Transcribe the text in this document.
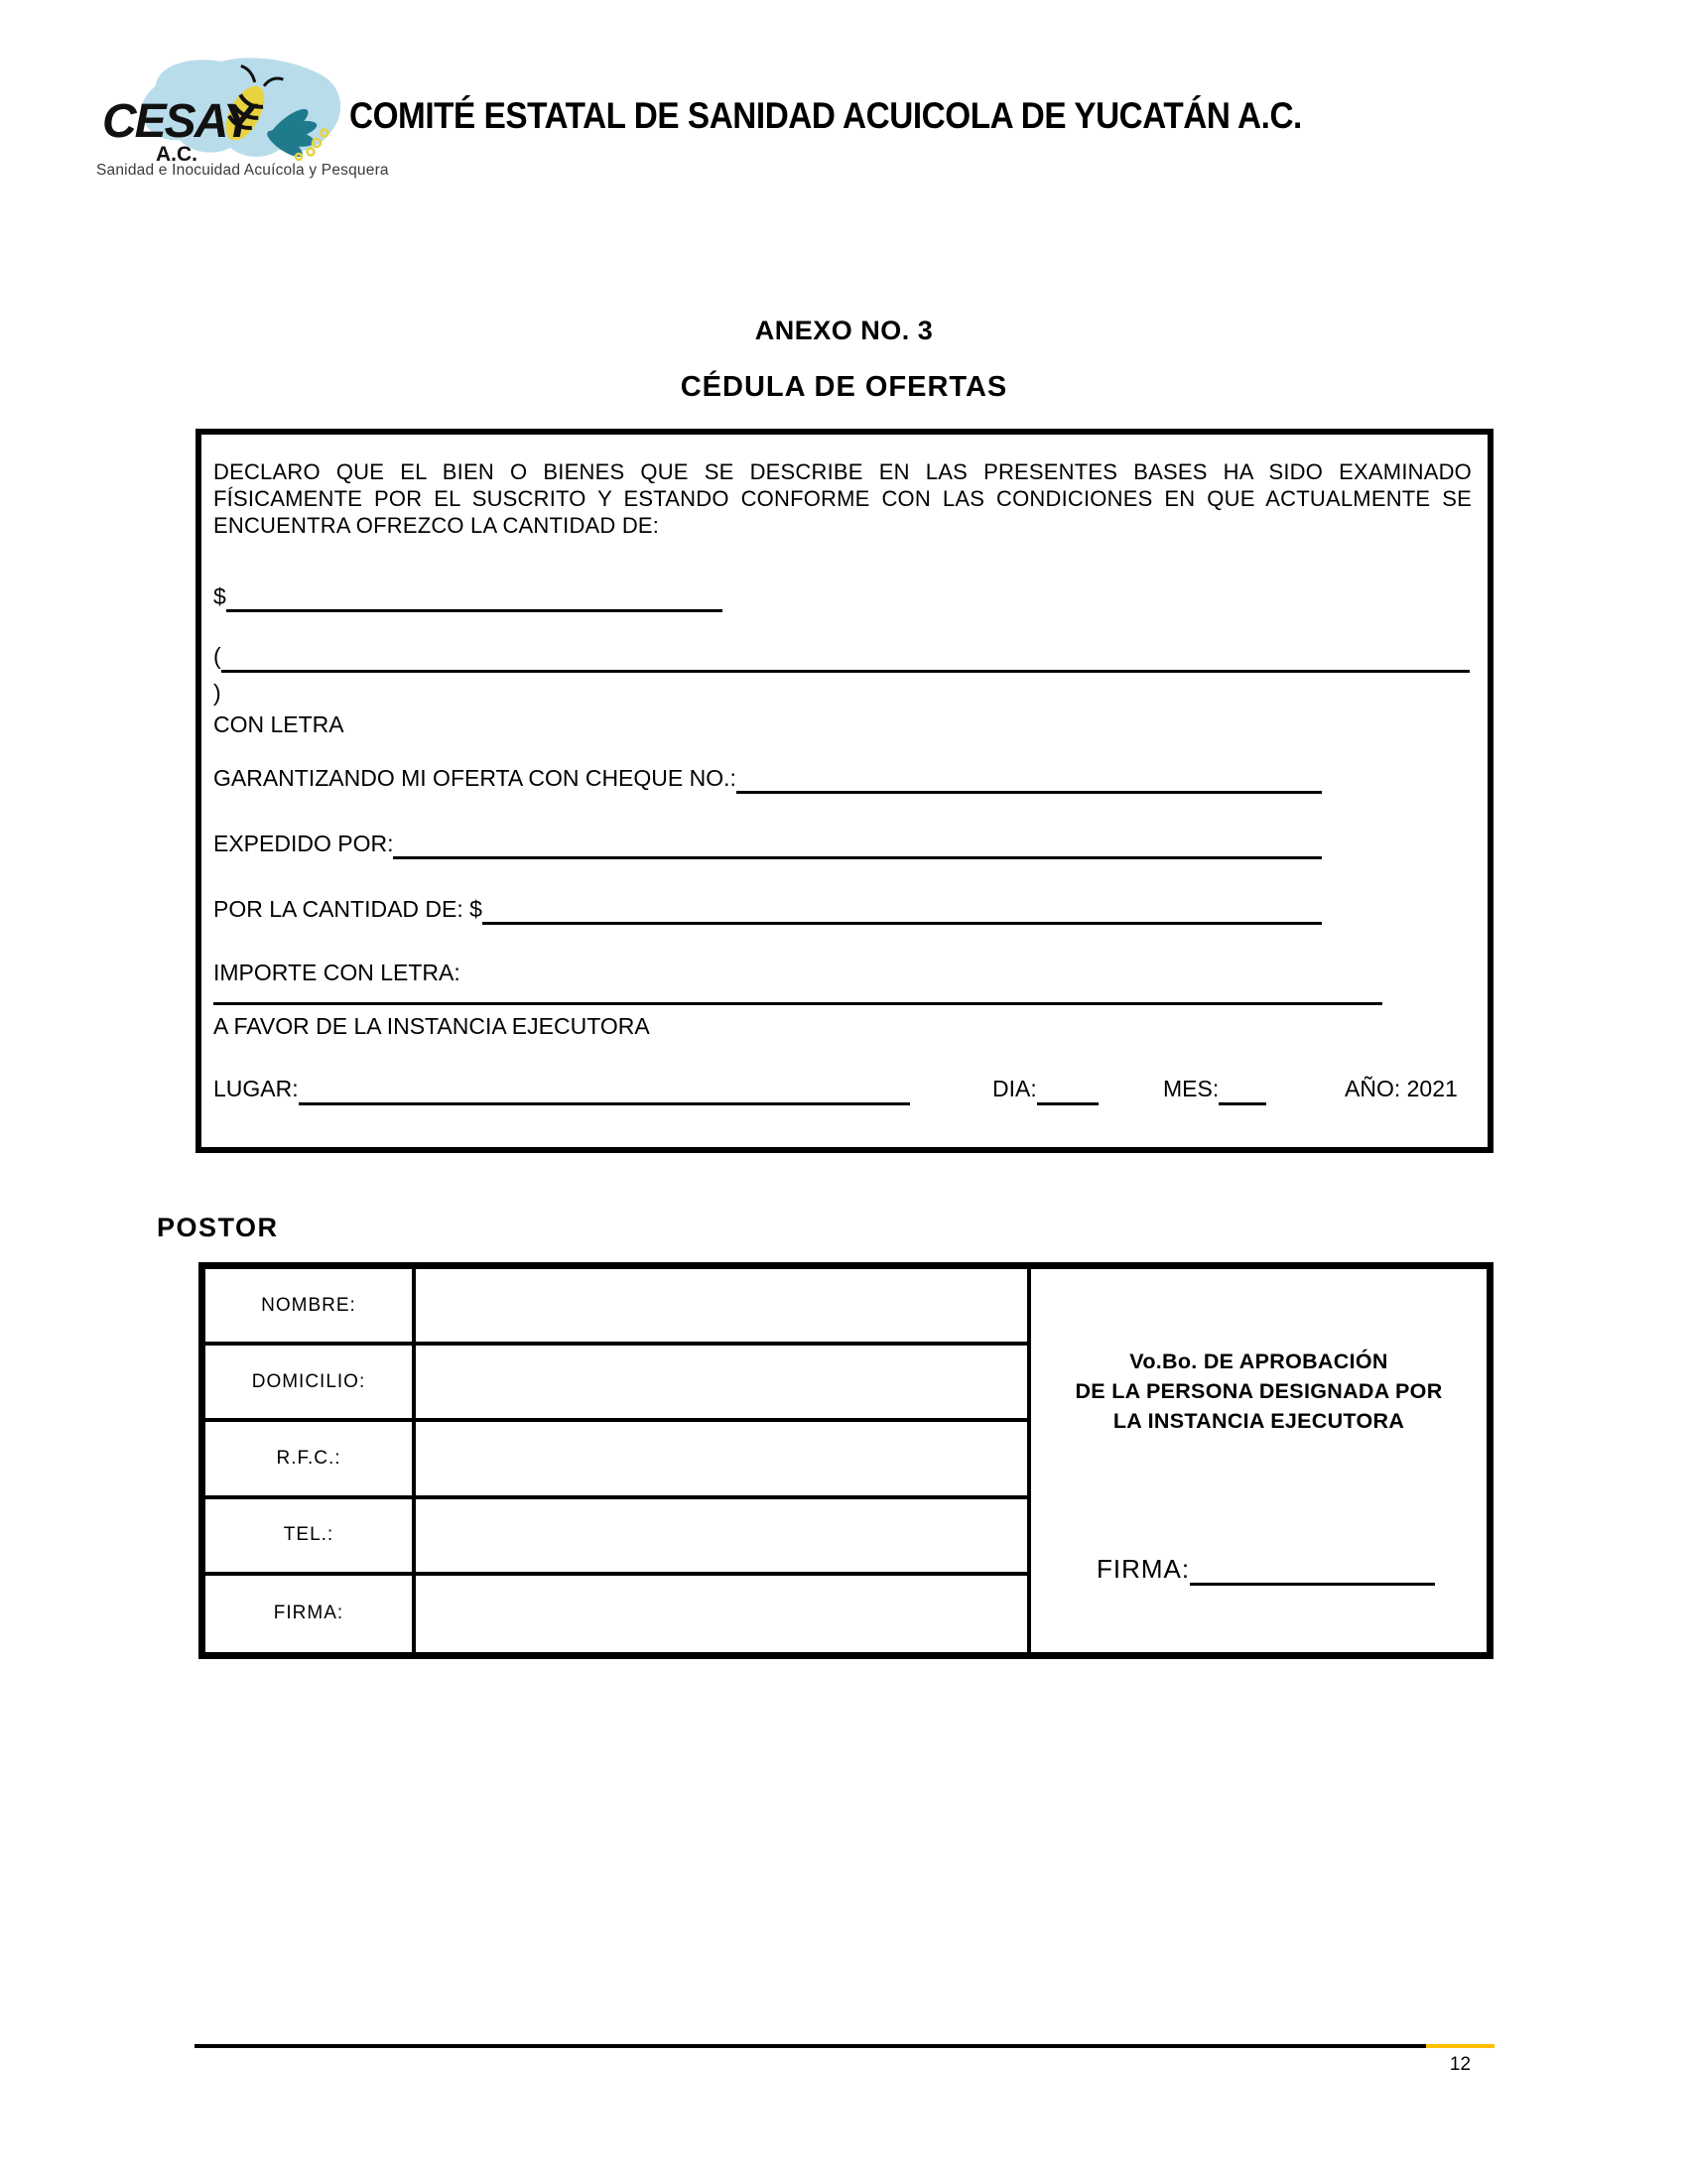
CESAY
A.C.
Sanidad e Inocuidad Acuícola y Pesquera
COMITÉ ESTATAL DE SANIDAD ACUICOLA DE YUCATÁN A.C.
ANEXO NO. 3
CÉDULA DE OFERTAS
DECLARO QUE EL BIEN O BIENES QUE SE DESCRIBE EN LAS PRESENTES BASES HA SIDO EXAMINADO FÍSICAMENTE POR EL SUSCRITO Y ESTANDO CONFORME CON LAS CONDICIONES EN QUE ACTUALMENTE SE ENCUENTRA OFREZCO LA CANTIDAD DE:
$
(
)
CON LETRA
GARANTIZANDO MI OFERTA CON CHEQUE NO.:
EXPEDIDO POR:
POR LA CANTIDAD DE: $
IMPORTE CON LETRA:
A FAVOR DE LA INSTANCIA EJECUTORA
LUGAR:	DIA:	MES:	AÑO: 2021
POSTOR
Vo.Bo. DE APROBACIÓN
DE LA PERSONA DESIGNADA POR
LA INSTANCIA EJECUTORA
FIRMA:
NOMBRE:
DOMICILIO:
R.F.C.:
TEL.:
FIRMA:
12
